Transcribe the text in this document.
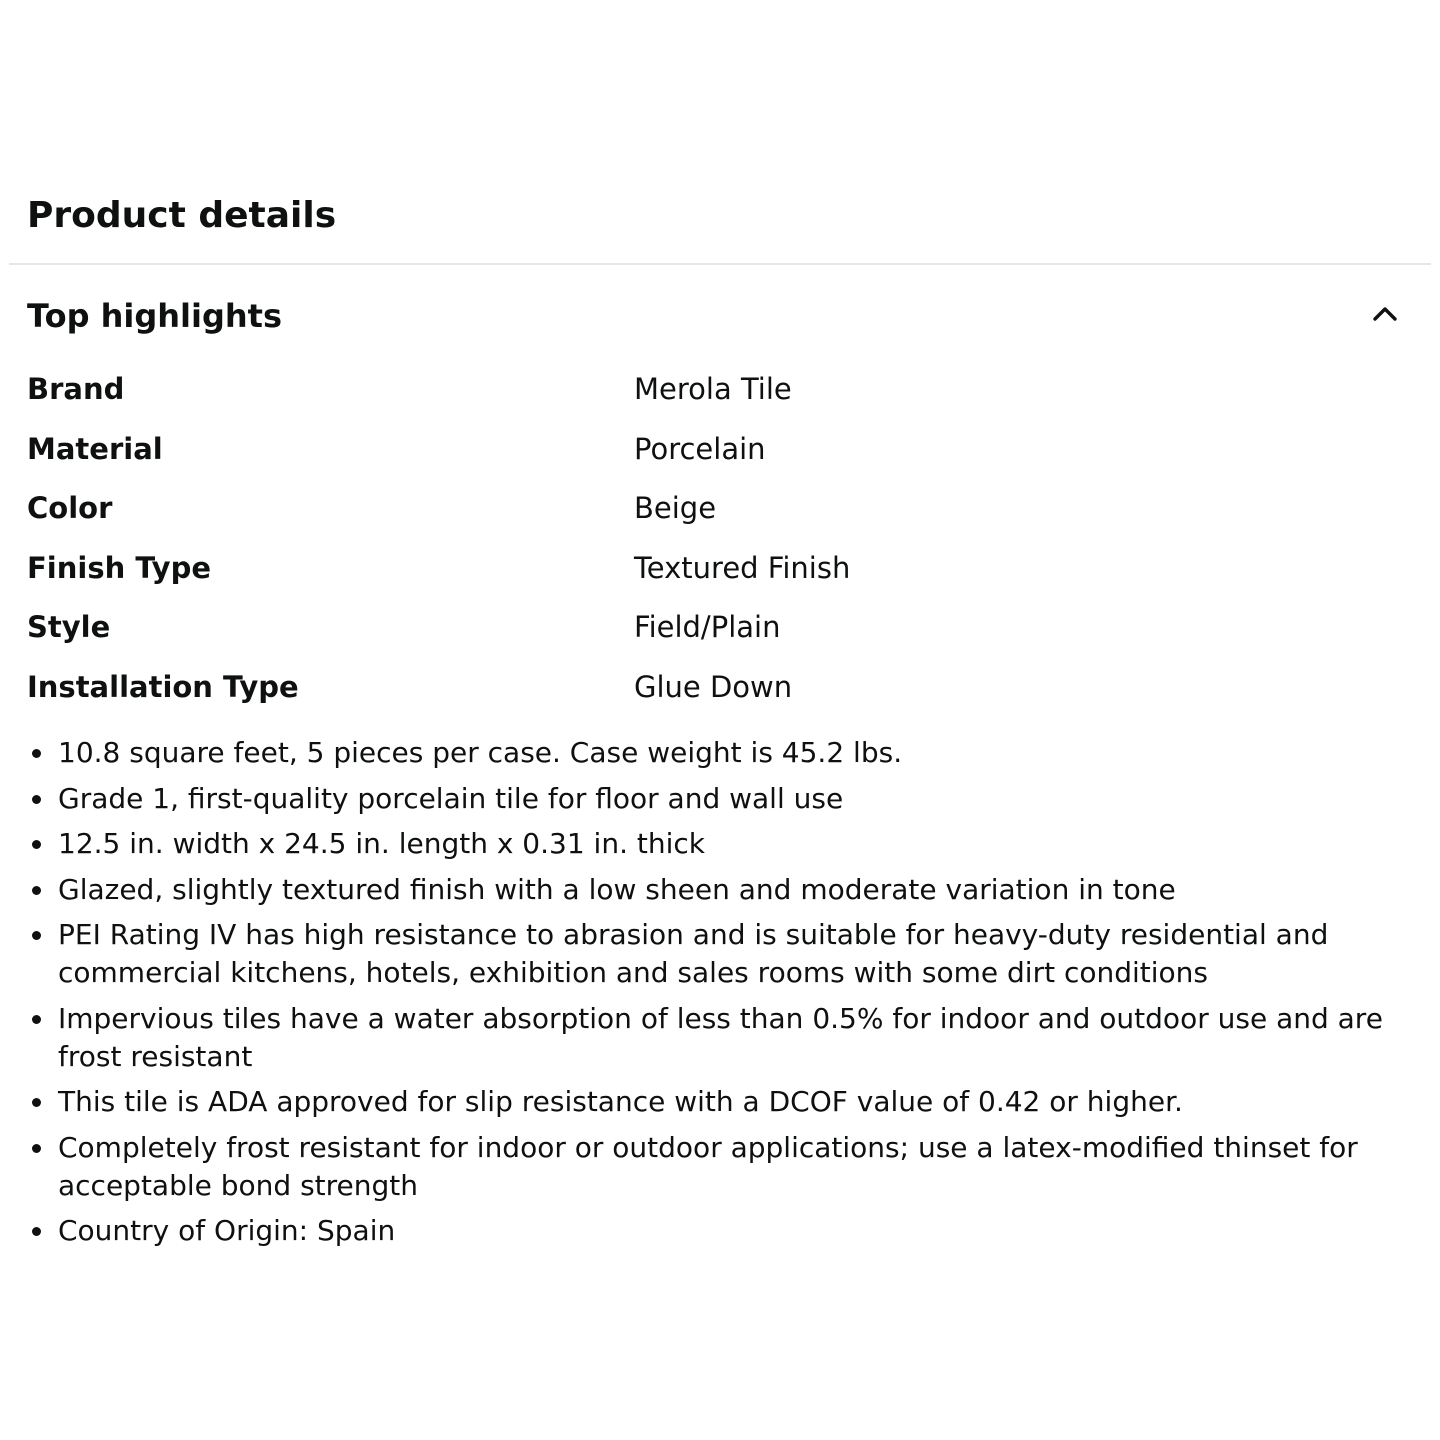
Product details
Top highlights
Brand	Merola Tile
Material	Porcelain
Color	Beige
Finish Type	Textured Finish
Style	Field/Plain
Installation Type	Glue Down
10.8 square feet, 5 pieces per case. Case weight is 45.2 lbs.
Grade 1, first-quality porcelain tile for floor and wall use
12.5 in. width x 24.5 in. length x 0.31 in. thick
Glazed, slightly textured finish with a low sheen and moderate variation in tone
PEI Rating IV has high resistance to abrasion and is suitable for heavy-duty residential and commercial kitchens, hotels, exhibition and sales rooms with some dirt conditions
Impervious tiles have a water absorption of less than 0.5% for indoor and outdoor use and are frost resistant
This tile is ADA approved for slip resistance with a DCOF value of 0.42 or higher.
Completely frost resistant for indoor or outdoor applications; use a latex-modified thinset for acceptable bond strength
Country of Origin: Spain
